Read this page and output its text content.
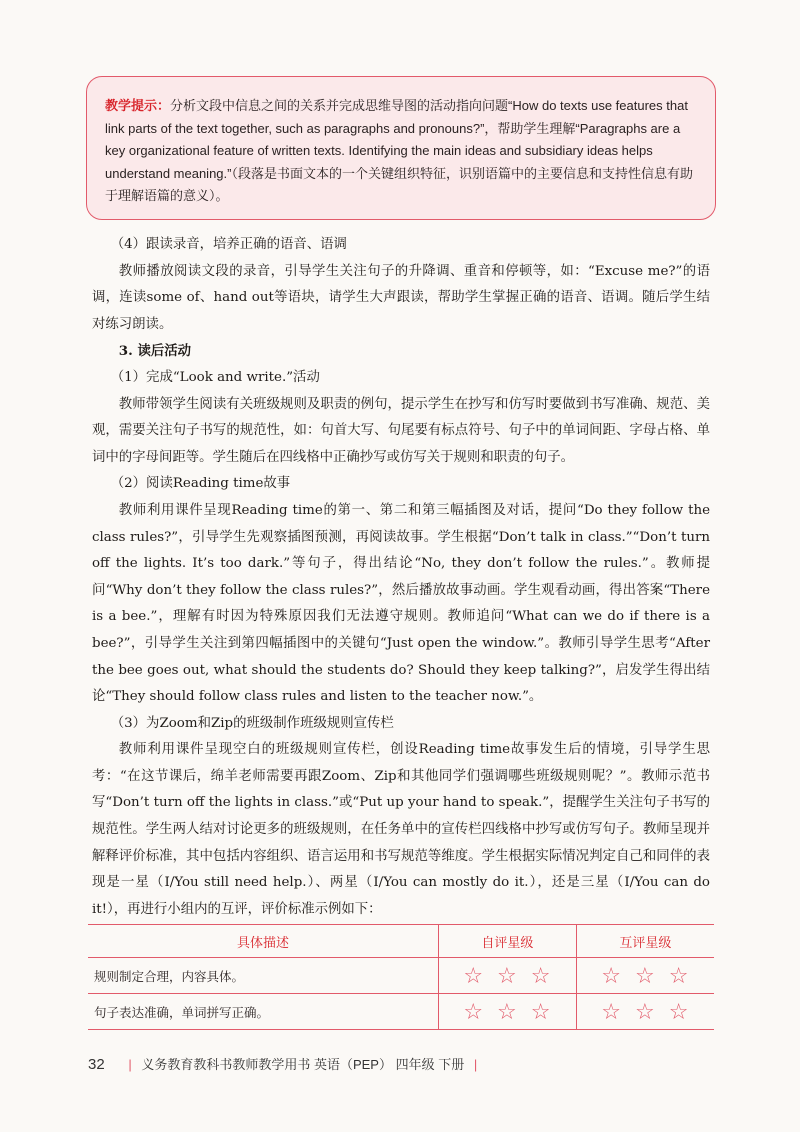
教学提示：分析文段中信息之间的关系并完成思维导图的活动指向问题“How do texts use features that link parts of the text together, such as paragraphs and pronouns?”，帮助学生理解“Paragraphs are a key organizational feature of written texts. Identifying the main ideas and subsidiary ideas helps understand meaning.”（段落是书面文本的一个关键组织特征，识别语篇中的主要信息和支持性信息有助于理解语篇的意义）。

（4）跟读录音，培养正确的语音、语调

教师播放阅读文段的录音，引导学生关注句子的升降调、重音和停顿等，如：“Excuse me?”的语调，连读some of、hand out等语块，请学生大声跟读，帮助学生掌握正确的语音、语调。随后学生结对练习朗读。

3. 读后活动

（1）完成“Look and write.”活动

教师带领学生阅读有关班级规则及职责的例句，提示学生在抄写和仿写时要做到书写准确、规范、美观，需要关注句子书写的规范性，如：句首大写、句尾要有标点符号、句子中的单词间距、字母占格、单词中的字母间距等。学生随后在四线格中正确抄写或仿写关于规则和职责的句子。

（2）阅读Reading time故事

教师利用课件呈现Reading time的第一、第二和第三幅插图及对话，提问“Do they follow the class rules?”，引导学生先观察插图预测，再阅读故事。学生根据“Don’t talk in class.”“Don’t turn off the lights. It’s too dark.”等句子，得出结论“No, they don’t follow the rules.”。教师提问“Why don’t they follow the class rules?”，然后播放故事动画。学生观看动画，得出答案“There is a bee.”，理解有时因为特殊原因我们无法遵守规则。教师追问“What can we do if there is a bee?”，引导学生关注到第四幅插图中的关键句“Just open the window.”。教师引导学生思考“After the bee goes out, what should the students do? Should they keep talking?”，启发学生得出结论“They should follow class rules and listen to the teacher now.”。

（3）为Zoom和Zip的班级制作班级规则宣传栏

教师利用课件呈现空白的班级规则宣传栏，创设Reading time故事发生后的情境，引导学生思考：“在这节课后，绵羊老师需要再跟Zoom、Zip和其他同学们强调哪些班级规则呢？”。教师示范书写“Don’t turn off the lights in class.”或“Put up your hand to speak.”，提醒学生关注句子书写的规范性。学生两人结对讨论更多的班级规则，在任务单中的宣传栏四线格中抄写或仿写句子。教师呈现并解释评价标准，其中包括内容组织、语言运用和书写规范等维度。学生根据实际情况判定自己和同伴的表现是一星（I/You still need help.）、两星（I/You can mostly do it.），还是三星（I/You can do it!），再进行小组内的互评，评价标准示例如下：

具体描述	自评星级	互评星级
规则制定合理，内容具体。	☆☆☆	☆☆☆
句子表达准确，单词拼写正确。	☆☆☆	☆☆☆
32 | 义务教育教科书教师教学用书 英语（PEP） 四年级 下册 |
